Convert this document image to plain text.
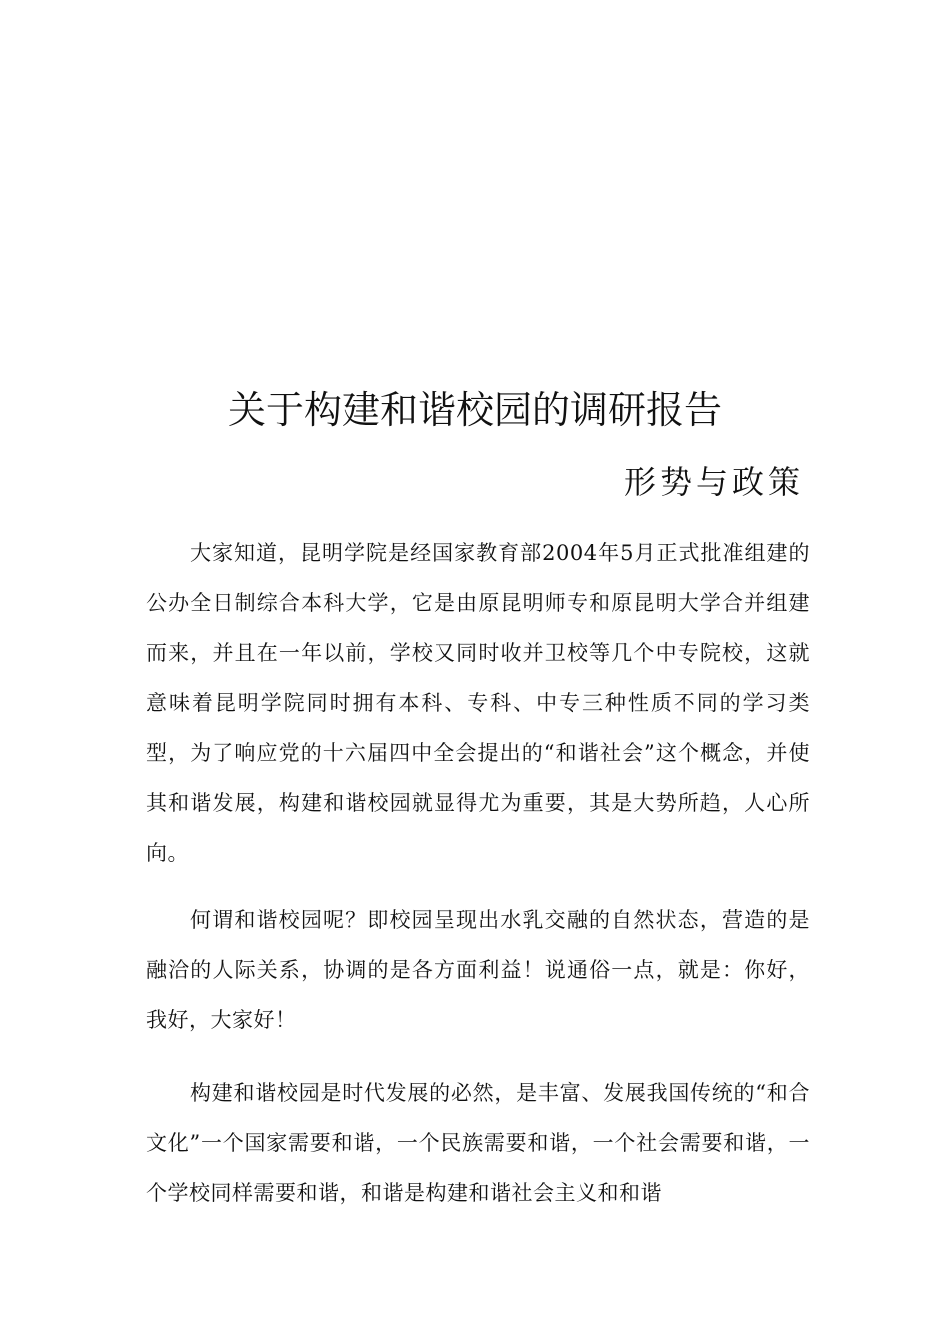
关于构建和谐校园的调研报告
形势与政策

大家知道，昆明学院是经国家教育部2004年5月正式批准组建的公办全日制综合本科大学，它是由原昆明师专和原昆明大学合并组建而来，并且在一年以前，学校又同时收并卫校等几个中专院校，这就意味着昆明学院同时拥有本科、专科、中专三种性质不同的学习类型，为了响应党的十六届四中全会提出的“和谐社会”这个概念，并使其和谐发展，构建和谐校园就显得尤为重要，其是大势所趋，人心所向。

何谓和谐校园呢？即校园呈现出水乳交融的自然状态，营造的是融洽的人际关系，协调的是各方面利益！说通俗一点，就是：你好，我好，大家好！

构建和谐校园是时代发展的必然，是丰富、发展我国传统的“和合文化”一个国家需要和谐，一个民族需要和谐，一个社会需要和谐，一个学校同样需要和谐，和谐是构建和谐社会主义和和谐
